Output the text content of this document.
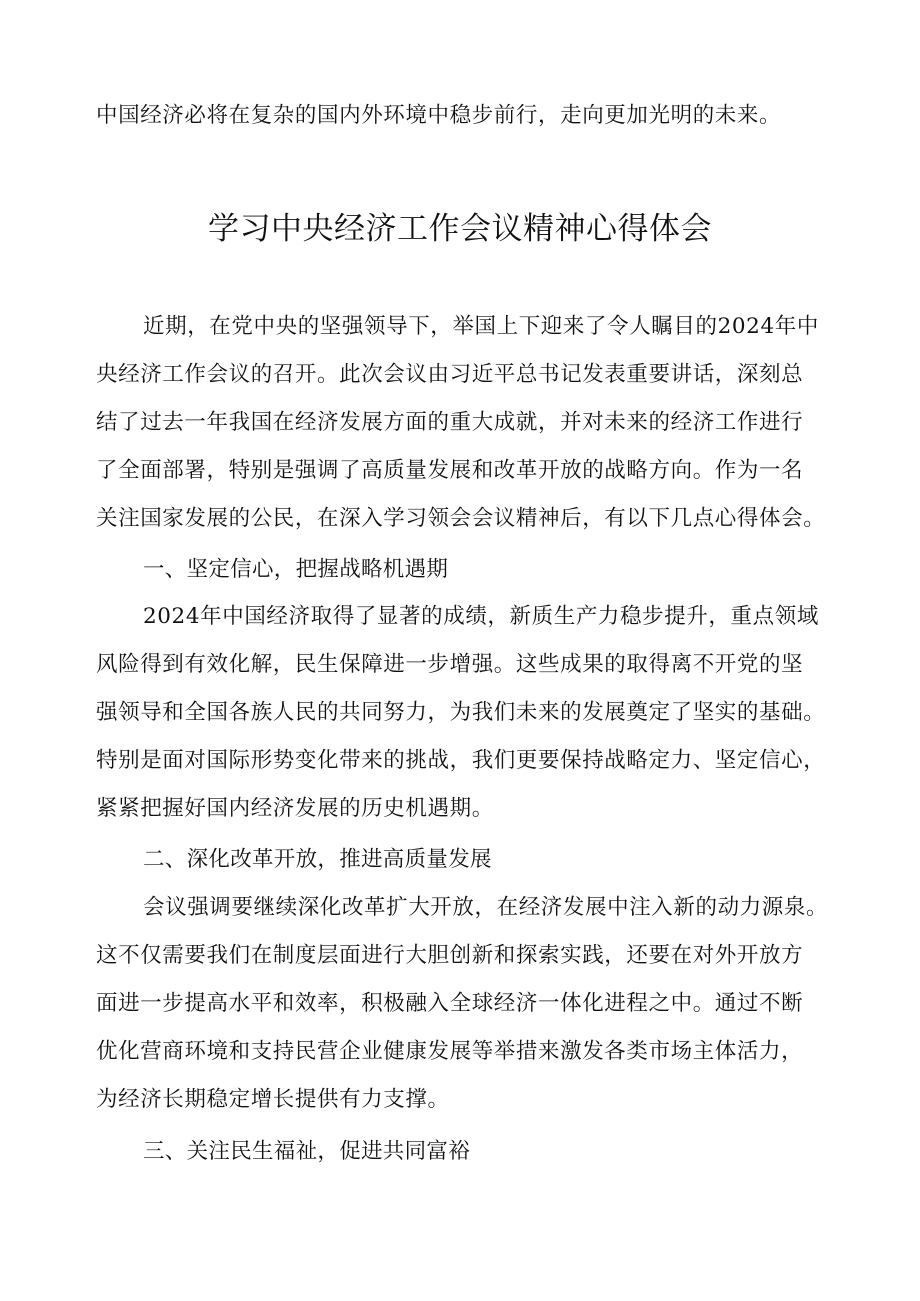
中国经济必将在复杂的国内外环境中稳步前行，走向更加光明的未来。
学习中央经济工作会议精神心得体会
近期，在党中央的坚强领导下，举国上下迎来了令人瞩目的2024年中
央经济工作会议的召开。此次会议由习近平总书记发表重要讲话，深刻总
结了过去一年我国在经济发展方面的重大成就，并对未来的经济工作进行
了全面部署，特别是强调了高质量发展和改革开放的战略方向。作为一名
关注国家发展的公民，在深入学习领会会议精神后，有以下几点心得体会。
一、坚定信心，把握战略机遇期
2024年中国经济取得了显著的成绩，新质生产力稳步提升，重点领域
风险得到有效化解，民生保障进一步增强。这些成果的取得离不开党的坚
强领导和全国各族人民的共同努力，为我们未来的发展奠定了坚实的基础。
特别是面对国际形势变化带来的挑战，我们更要保持战略定力、坚定信心，
紧紧把握好国内经济发展的历史机遇期。
二、深化改革开放，推进高质量发展
会议强调要继续深化改革扩大开放，在经济发展中注入新的动力源泉。
这不仅需要我们在制度层面进行大胆创新和探索实践，还要在对外开放方
面进一步提高水平和效率，积极融入全球经济一体化进程之中。通过不断
优化营商环境和支持民营企业健康发展等举措来激发各类市场主体活力，
为经济长期稳定增长提供有力支撑。
三、关注民生福祉，促进共同富裕
